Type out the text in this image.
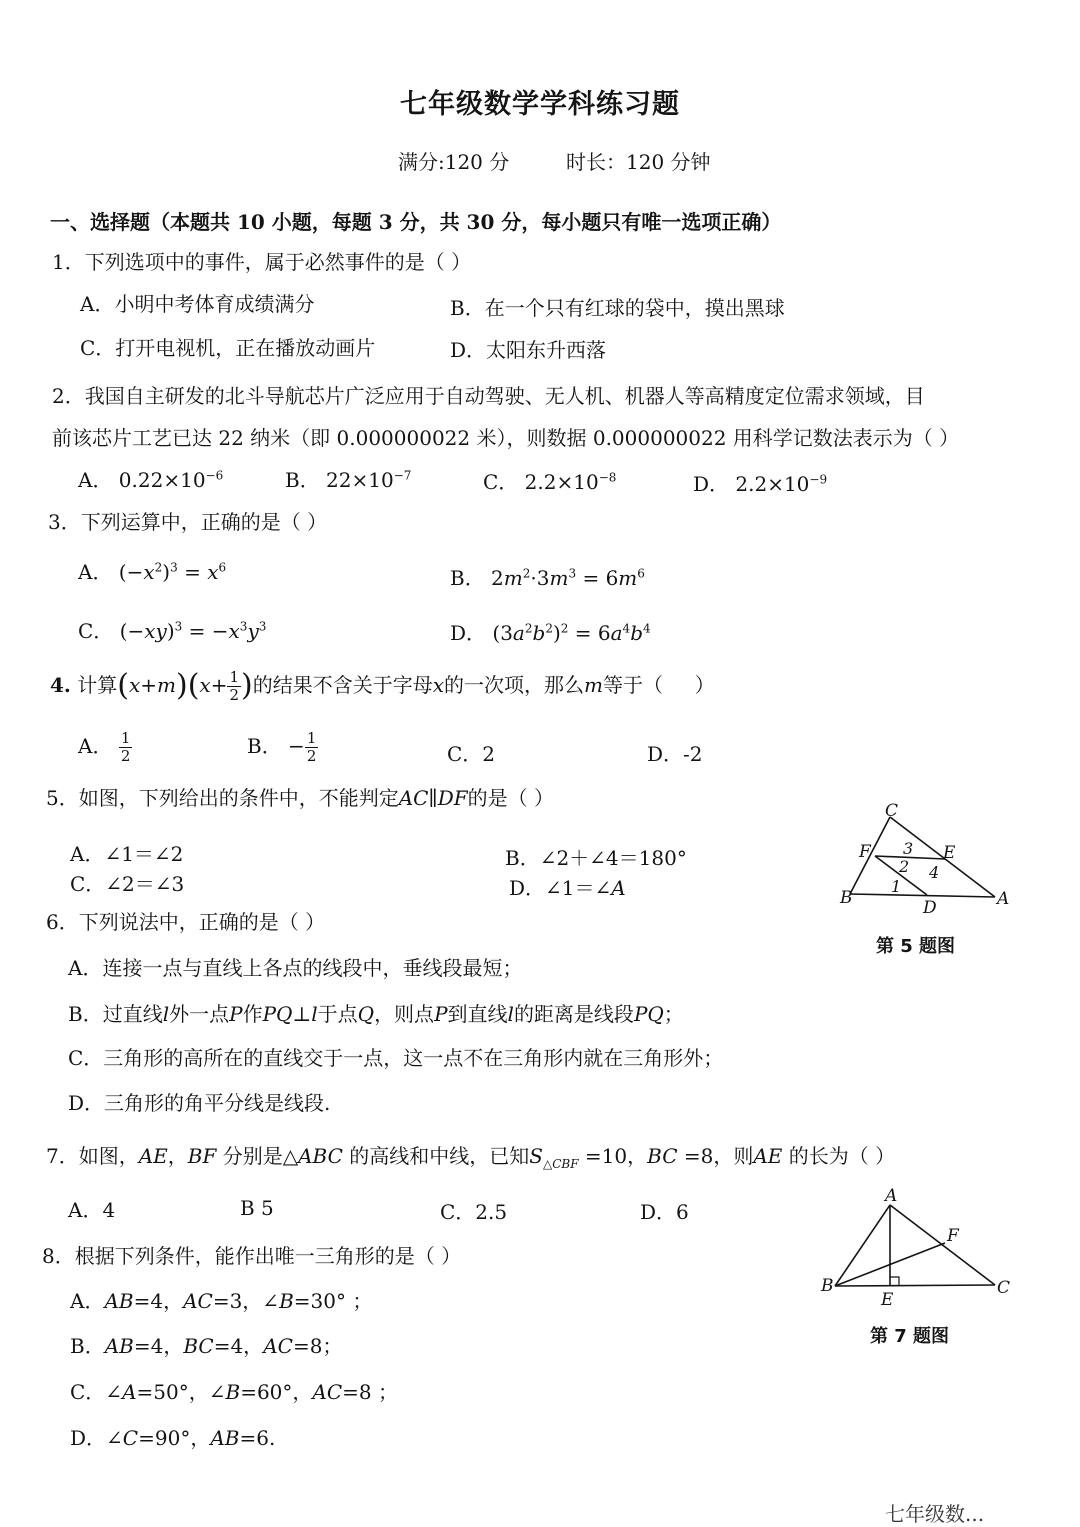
七年级数学学科练习题
满分:120 分	时长：120 分钟
一、选择题（本题共 10 小题，每题 3 分，共 30 分，每小题只有唯一选项正确）
1．下列选项中的事件，属于必然事件的是（ ）
A．小明中考体育成绩满分	B．在一个只有红球的袋中，摸出黑球
C．打开电视机，正在播放动画片	D．太阳东升西落
2．我国自主研发的北斗导航芯片广泛应用于自动驾驶、无人机、机器人等高精度定位需求领域，目
前该芯片工艺已达 22 纳米（即 0.000000022 米），则数据 0.000000022 用科学记数法表示为（ ）
A． $0.22\times 10^{-6}$	B． $22\times 10^{-7}$	C． $2.2\times 10^{-8}$	D． $2.2\times 10^{-9}$
3．下列运算中，正确的是（ ）
A． $(-x^2)^3 = x^6$	B． $2m^2\cdot 3m^3 = 6m^6$
C． $(-xy)^3 = -x^3y^3$	D． $(3a^2b^2)^2 = 6a^4b^4$
4. 计算$(x+m)(x+ \frac{1}{2}$ )的结果不含关于字母x的一次项，那么m等于（     ）
A． $\frac{1}{2}$	B． − $\frac{1}{2}$	C．2	D．-2
5．如图，下列给出的条件中，不能判定AC∥DF的是（ ）
A．∠1＝∠2	B．∠2＋∠4＝180°
C．∠2＝∠3	D．∠1＝∠A
C
F	E
B	A
D
3
2 4
1
第 5 题图
6．下列说法中，正确的是（ ）
A．连接一点与直线上各点的线段中，垂线段最短；
B．过直线l外一点P作PQ⊥l于点Q，则点P到直线l的距离是线段PQ；
C．三角形的高所在的直线交于一点，这一点不在三角形内就在三角形外；
D．三角形的角平分线是线段.
7．如图，AE，BF 分别是△ABC 的高线和中线，已知$S_{\triangle CBF} =10$，BC =8，则AE 的长为（ ）
A．4	B 5	C．2.5	D．6
A
B	C
E
F
第 7 题图
8．根据下列条件，能作出唯一三角形的是（ ）
A．AB=4，AC=3，∠B=30° ；
B．AB=4，BC=4，AC=8；
C．∠A=50°，∠B=60°，AC=8 ；
D．∠C=90°，AB=6.
七年级数...
